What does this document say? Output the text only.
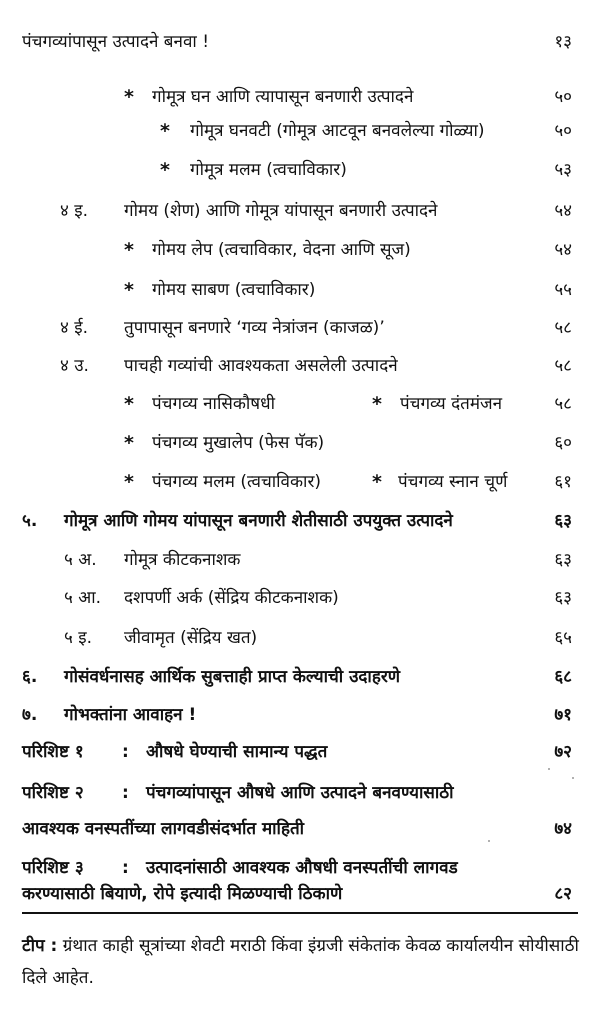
पंचगव्यांपासून उत्पादने बनवा !	१३
* गोमूत्र घन आणि त्यापासून बनणारी उत्पादने	५०
* गोमूत्र घनवटी (गोमूत्र आटवून बनवलेल्या गोळ्या)	५०
* गोमूत्र मलम (त्वचाविकार)	५३
४ इ. गोमय (शेण) आणि गोमूत्र यांपासून बनणारी उत्पादने	५४
* गोमय लेप (त्वचाविकार, वेदना आणि सूज)	५४
* गोमय साबण (त्वचाविकार)	५५
४ ई. तुपापासून बनणारे ‘गव्य नेत्रांजन (काजळ)’	५८
४ उ. पाचही गव्यांची आवश्यकता असलेली उत्पादने	५८
* पंचगव्य नासिकौषधी	* पंचगव्य दंतमंजन	५८
* पंचगव्य मुखालेप (फेस पॅक)	६०
* पंचगव्य मलम (त्वचाविकार)	* पंचगव्य स्नान चूर्ण	६१
५. गोमूत्र आणि गोमय यांपासून बनणारी शेतीसाठी उपयुक्त उत्पादने	६३
५ अ. गोमूत्र कीटकनाशक	६३
५ आ. दशपर्णी अर्क (सेंद्रिय कीटकनाशक)	६३
५ इ. जीवामृत (सेंद्रिय खत)	६५
६. गोसंवर्धनासह आर्थिक सुबत्ताही प्राप्त केल्याची उदाहरणे	६८
७. गोभक्तांना आवाहन !	७१
परिशिष्ट १ : औषधे घेण्याची सामान्य पद्धत	७२
परिशिष्ट २ : पंचगव्यांपासून औषधे आणि उत्पादने बनवण्यासाठी
आवश्यक वनस्पतींच्या लागवडीसंदर्भात माहिती	७४
परिशिष्ट ३ : उत्पादनांसाठी आवश्यक औषधी वनस्पतींची लागवड
करण्यासाठी बियाणे, रोपे इत्यादी मिळण्याची ठिकाणे	८२
टीप : ग्रंथात काही सूत्रांच्या शेवटी मराठी किंवा इंग्रजी संकेतांक केवळ कार्यालयीन सोयीसाठी दिले आहेत.
